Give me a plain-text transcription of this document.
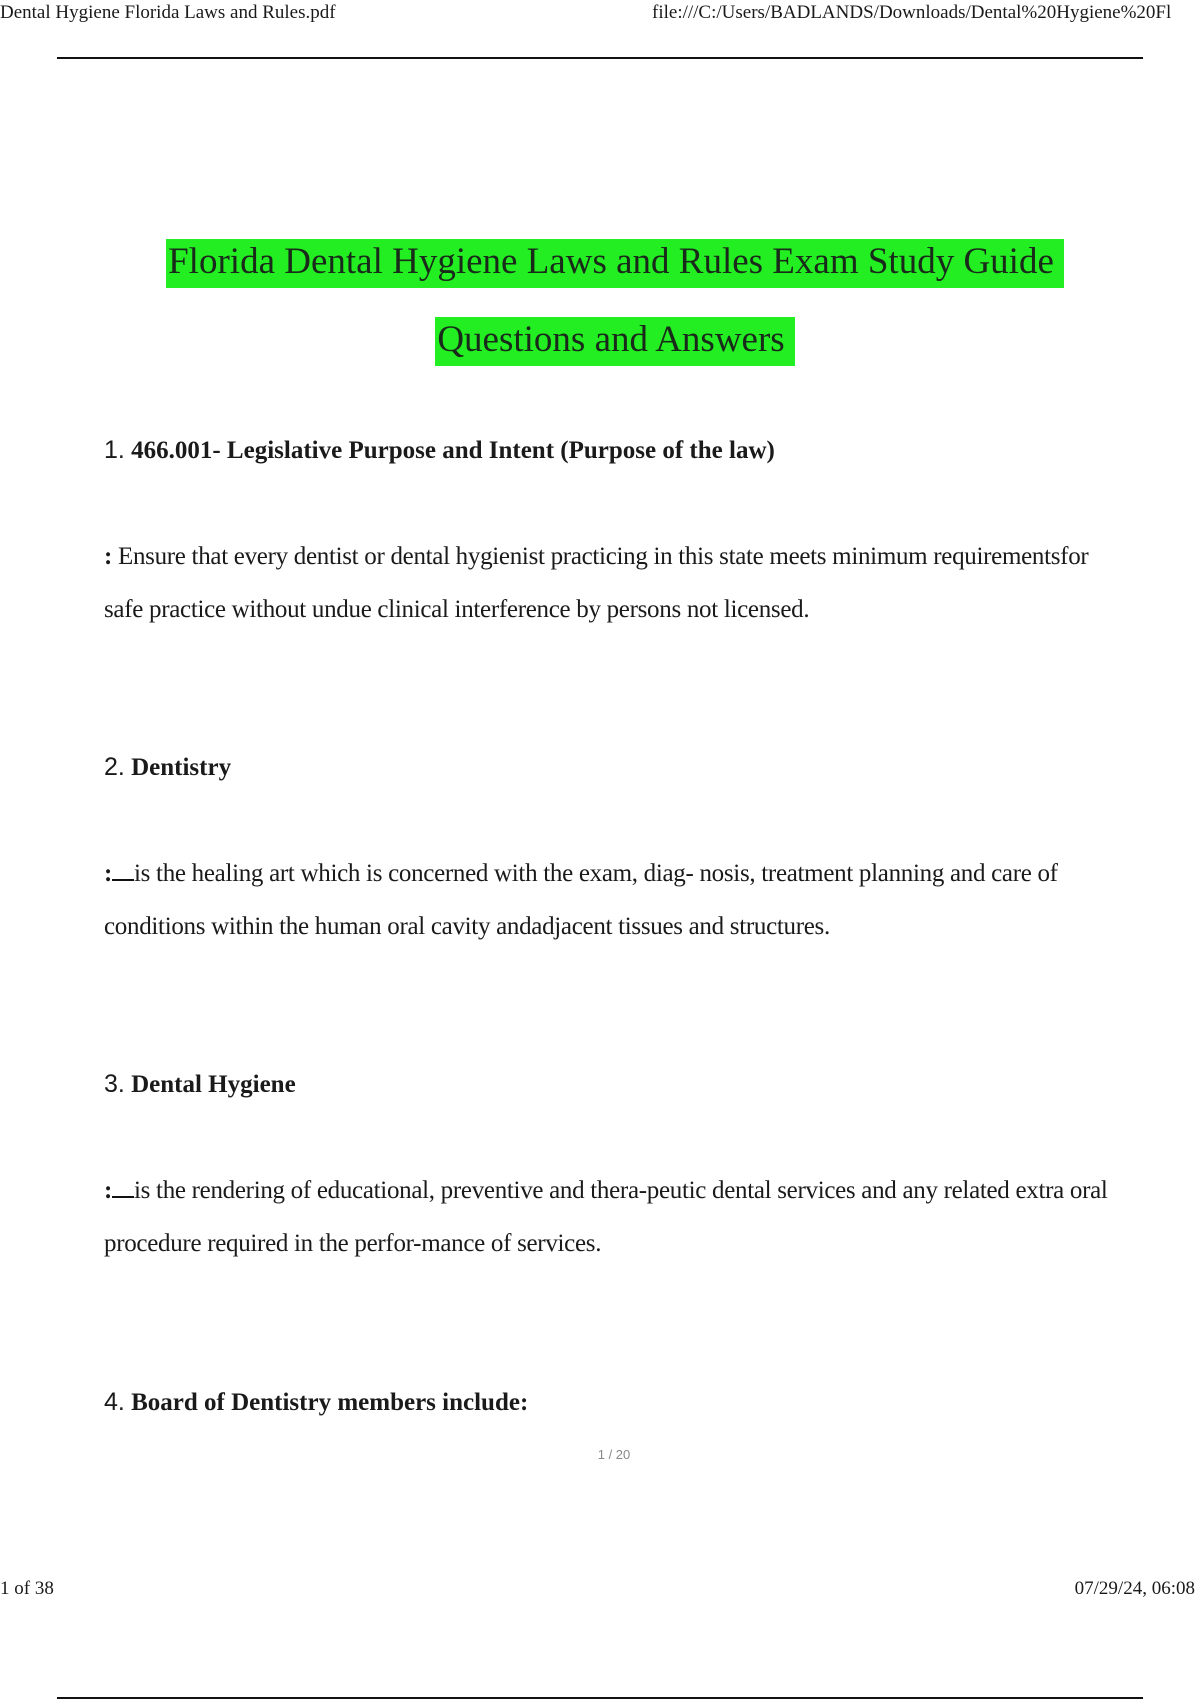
Dental Hygiene Florida Laws and Rules.pdf	file:///C:/Users/BADLANDS/Downloads/Dental%20Hygiene%20Fl
Florida Dental Hygiene Laws and Rules Exam Study Guide
Questions and Answers
1. 466.001- Legislative Purpose and Intent (Purpose of the law)
: Ensure that every dentist or dental hygienist practicing in this state meets minimum requirementsfor safe practice without undue clinical interference by persons not licensed.
2. Dentistry
: is the healing art which is concerned with the exam, diag- nosis, treatment planning and care of conditions within the human oral cavity andadjacent tissues and structures.
3. Dental Hygiene
: is the rendering of educational, preventive and thera-peutic dental services and any related extra oral procedure required in the perfor-mance of services.
4. Board of Dentistry members include:
1 / 20
1 of 38	07/29/24, 06:08
